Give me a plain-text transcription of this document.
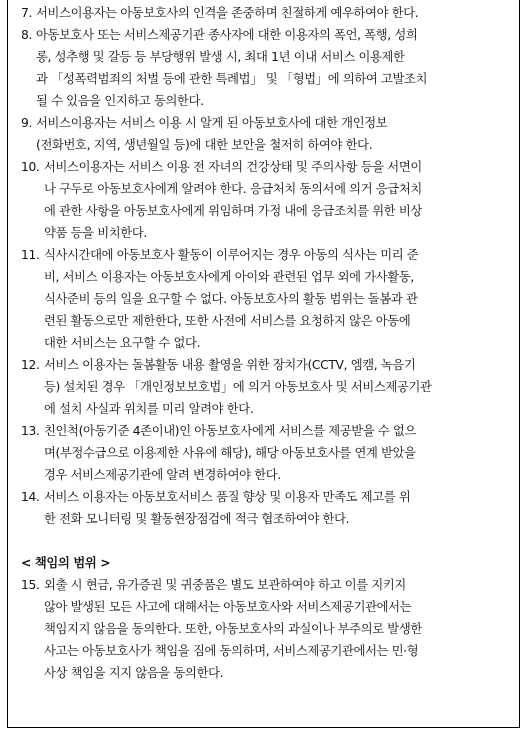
7. 서비스이용자는 아동보호사의 인격을 존중하며 친절하게 예우하여야 한다.
8. 아동보호사 또는 서비스제공기관 종사자에 대한 이용자의 폭언, 폭행, 성희
롱, 성추행 및 갈등 등 부당행위 발생 시, 최대 1년 이내 서비스 이용제한
과 「성폭력범죄의 처벌 등에 관한 특례법」 및 「형법」에 의하여 고발조치
될 수 있음을 인지하고 동의한다.
9. 서비스이용자는 서비스 이용 시 알게 된 아동보호사에 대한 개인정보
(전화번호, 지역, 생년월일 등)에 대한 보안을 철저히 하여야 한다.
10. 서비스이용자는 서비스 이용 전 자녀의 건강상태 및 주의사항 등을 서면이
나 구두로 아동보호사에게 알려야 한다. 응급처치 동의서에 의거 응급처치
에 관한 사항을 아동보호사에게 위임하며 가정 내에 응급조치를 위한 비상
약품 등을 비치한다.
11. 식사시간대에 아동보호사 활동이 이루어지는 경우 아동의 식사는 미리 준
비, 서비스 이용자는 아동보호사에게 아이와 관련된 업무 외에 가사활동,
식사준비 등의 일을 요구할 수 없다. 아동보호사의 활동 범위는 돌봄과 관
련된 활동으로만 제한한다, 또한 사전에 서비스를 요청하지 않은 아동에
대한 서비스는 요구할 수 없다.
12. 서비스 이용자는 돌봄활동 내용 촬영을 위한 장치가(CCTV, 엠캠, 녹음기
등) 설치된 경우 「개인정보보호법」에 의거 아동보호사 및 서비스제공기관
에 설치 사실과 위치를 미리 알려야 한다.
13. 친인척(아동기준 4존이내)인 아동보호사에게 서비스를 제공받을 수 없으
며(부정수급으로 이용제한 사유에 해당), 해당 아동보호사를 연계 받았을
경우 서비스제공기관에 알려 변경하여야 한다.
14. 서비스 이용자는 아동보호서비스 품질 향상 및 이용자 만족도 제고를 위
한 전화 모니터링 및 활동현장점검에 적극 협조하여야 한다.
< 책임의 범위 >
15. 외출 시 현금, 유가증권 및 귀중품은 별도 보관하여야 하고 이를 지키지
않아 발생된 모든 사고에 대해서는 아동보호사와 서비스제공기관에서는
책임지지 않음을 동의한다. 또한, 아동보호사의 과실이나 부주의로 발생한
사고는 아동보호사가 책임을 짐에 동의하며, 서비스제공기관에서는 민·형
사상 책임을 지지 않음을 동의한다.
